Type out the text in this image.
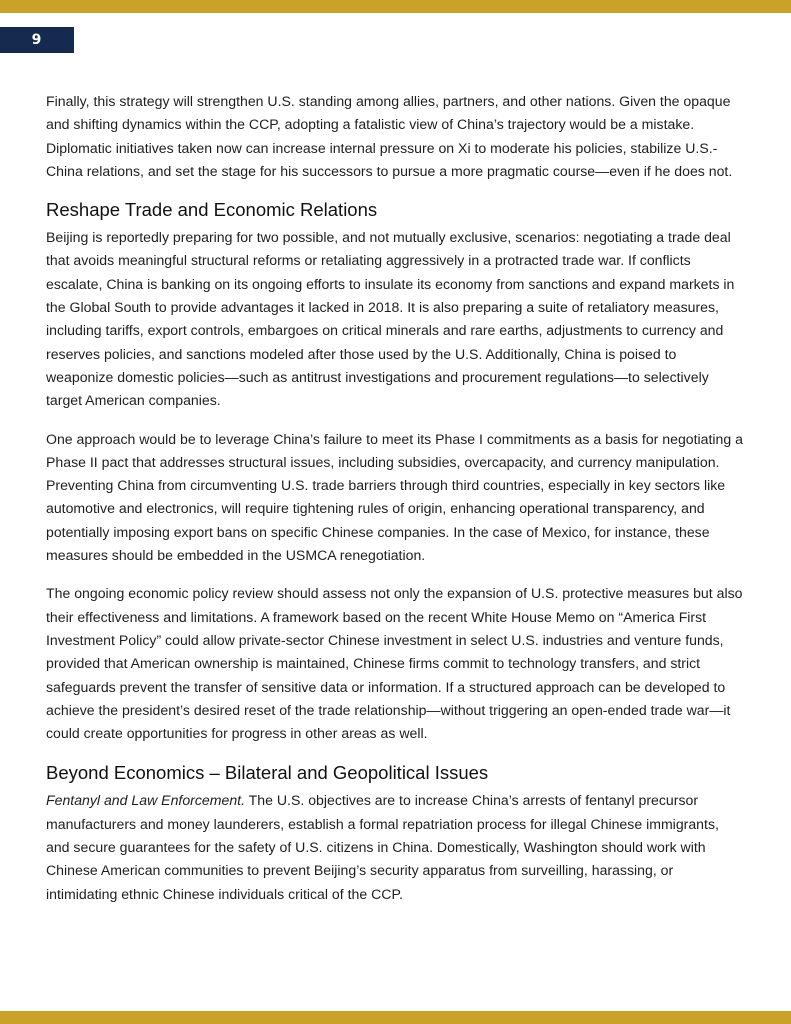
9

Finally, this strategy will strengthen U.S. standing among allies, partners, and other nations. Given the opaque and shifting dynamics within the CCP, adopting a fatalistic view of China’s trajectory would be a mistake. Diplomatic initiatives taken now can increase internal pressure on Xi to moderate his policies, stabilize U.S.-China relations, and set the stage for his successors to pursue a more pragmatic course—even if he does not.

Reshape Trade and Economic Relations

Beijing is reportedly preparing for two possible, and not mutually exclusive, scenarios: negotiating a trade deal that avoids meaningful structural reforms or retaliating aggressively in a protracted trade war. If conflicts escalate, China is banking on its ongoing efforts to insulate its economy from sanctions and expand markets in the Global South to provide advantages it lacked in 2018. It is also preparing a suite of retaliatory measures, including tariffs, export controls, embargoes on critical minerals and rare earths, adjustments to currency and reserves policies, and sanctions modeled after those used by the U.S. Additionally, China is poised to weaponize domestic policies—such as antitrust investigations and procurement regulations—to selectively target American companies.

One approach would be to leverage China’s failure to meet its Phase I commitments as a basis for negotiating a Phase II pact that addresses structural issues, including subsidies, overcapacity, and currency manipulation. Preventing China from circumventing U.S. trade barriers through third countries, especially in key sectors like automotive and electronics, will require tightening rules of origin, enhancing operational transparency, and potentially imposing export bans on specific Chinese companies. In the case of Mexico, for instance, these measures should be embedded in the USMCA renegotiation.

The ongoing economic policy review should assess not only the expansion of U.S. protective measures but also their effectiveness and limitations. A framework based on the recent White House Memo on “America First Investment Policy” could allow private-sector Chinese investment in select U.S. industries and venture funds, provided that American ownership is maintained, Chinese firms commit to technology transfers, and strict safeguards prevent the transfer of sensitive data or information. If a structured approach can be developed to achieve the president’s desired reset of the trade relationship—without triggering an open-ended trade war—it could create opportunities for progress in other areas as well.

Beyond Economics – Bilateral and Geopolitical Issues

Fentanyl and Law Enforcement. The U.S. objectives are to increase China’s arrests of fentanyl precursor manufacturers and money launderers, establish a formal repatriation process for illegal Chinese immigrants, and secure guarantees for the safety of U.S. citizens in China. Domestically, Washington should work with Chinese American communities to prevent Beijing’s security apparatus from surveilling, harassing, or intimidating ethnic Chinese individuals critical of the CCP.
